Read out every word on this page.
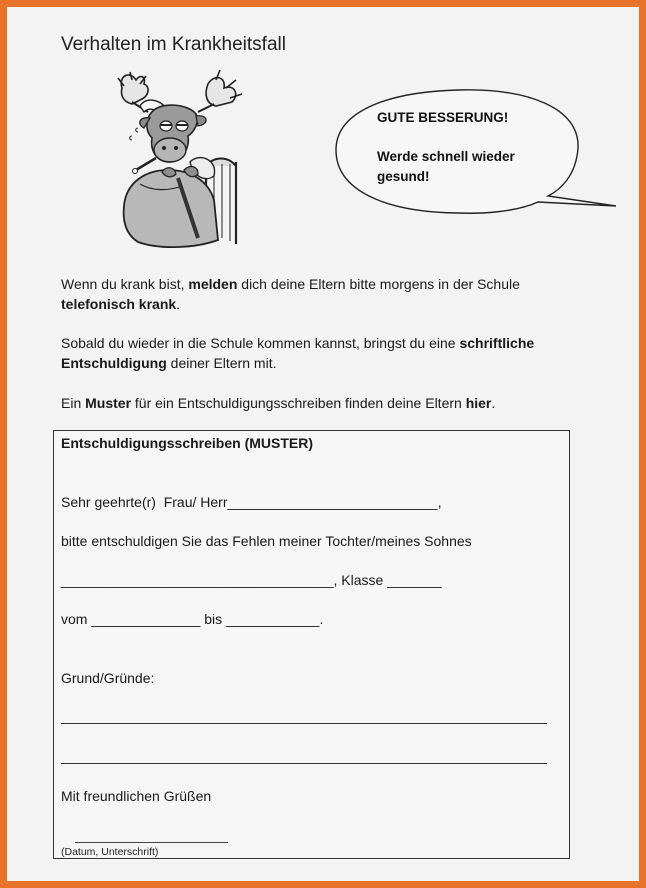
Verhalten im Krankheitsfall
GUTE BESSERUNG!
Werde schnell wieder
gesund!
Wenn du krank bist, melden dich deine Eltern bitte morgens in der Schule
telefonisch krank.
Sobald du wieder in die Schule kommen kannst, bringst du eine schriftliche
Entschuldigung deiner Eltern mit.
Ein Muster für ein Entschuldigungsschreiben finden deine Eltern hier.
Entschuldigungsschreiben (MUSTER)
Sehr geehrte(r)  Frau/ Herr___________________________,
bitte entschuldigen Sie das Fehlen meiner Tochter/meines Sohnes
___________________________________, Klasse _______
vom ______________ bis ____________.
Grund/Gründe:
Mit freundlichen Grüßen
(Datum, Unterschrift)
